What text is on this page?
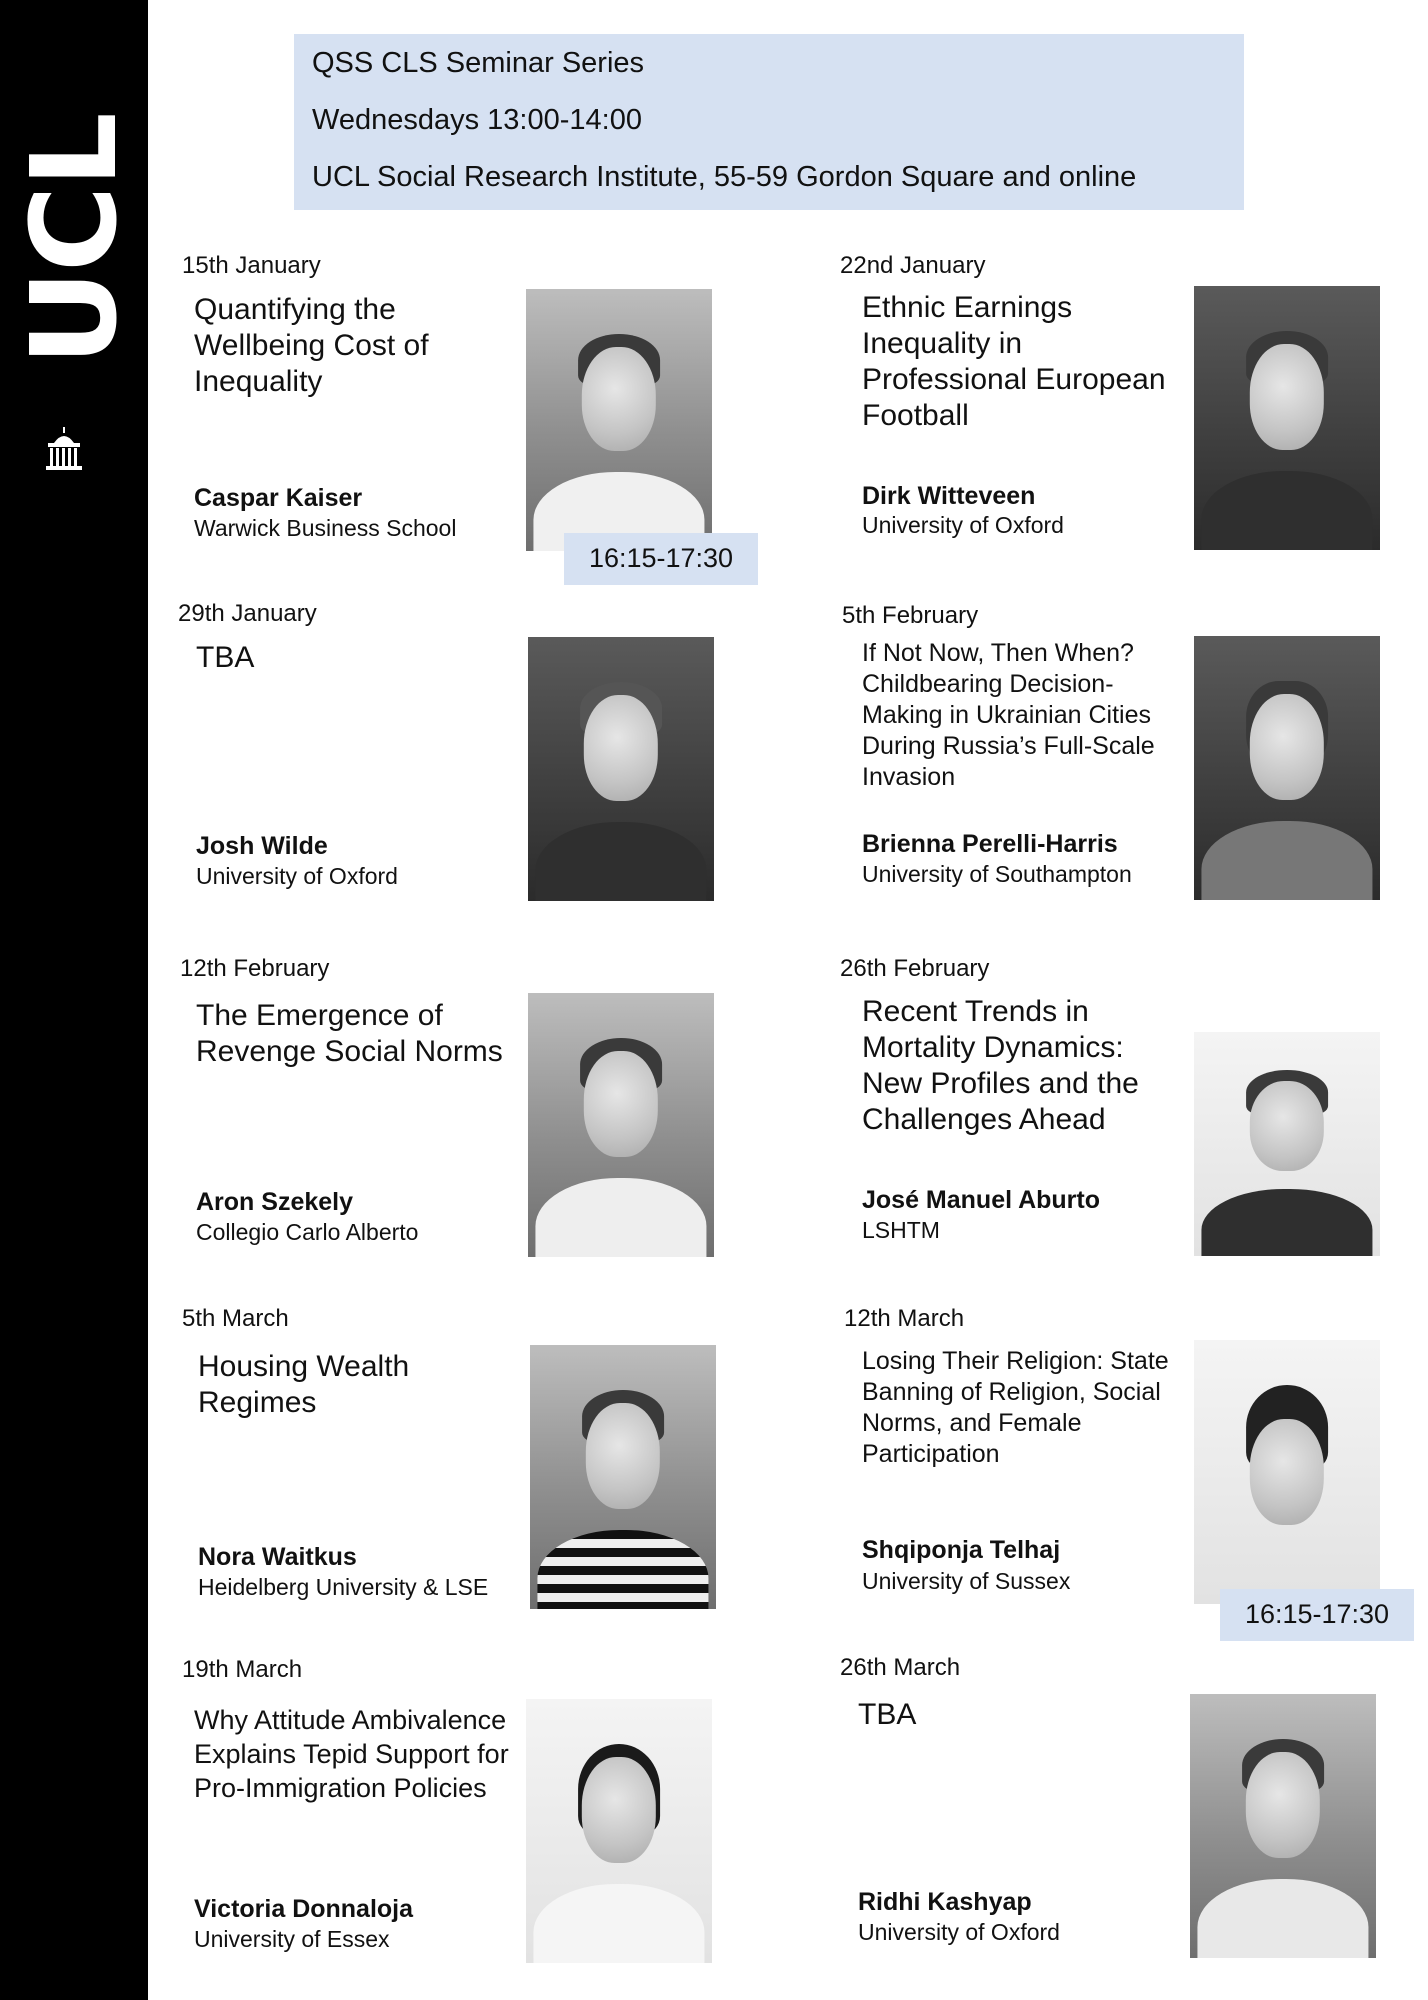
UCL
QSS CLS Seminar Series
Wednesdays 13:00-14:00
UCL Social Research Institute, 55-59 Gordon Square and online
15th January
Quantifying the Wellbeing Cost of Inequality
Caspar Kaiser
Warwick Business School
16:15-17:30
22nd January
Ethnic Earnings Inequality in Professional European Football
Dirk Witteveen
University of Oxford
29th January
TBA
Josh Wilde
University of Oxford
5th February
If Not Now, Then When? Childbearing Decision-Making in Ukrainian Cities During Russia’s Full-Scale Invasion
Brienna Perelli-Harris
University of Southampton
12th February
The Emergence of Revenge Social Norms
Aron Szekely
Collegio Carlo Alberto
26th February
Recent Trends in Mortality Dynamics: New Profiles and the Challenges Ahead
José Manuel Aburto
LSHTM
5th March
Housing Wealth Regimes
Nora Waitkus
Heidelberg University & LSE
12th March
Losing Their Religion: State Banning of Religion, Social Norms, and Female Participation
Shqiponja Telhaj
University of Sussex
16:15-17:30
19th March
Why Attitude Ambivalence Explains Tepid Support for Pro-Immigration Policies
Victoria Donnaloja
University of Essex
26th March
TBA
Ridhi Kashyap
University of Oxford
